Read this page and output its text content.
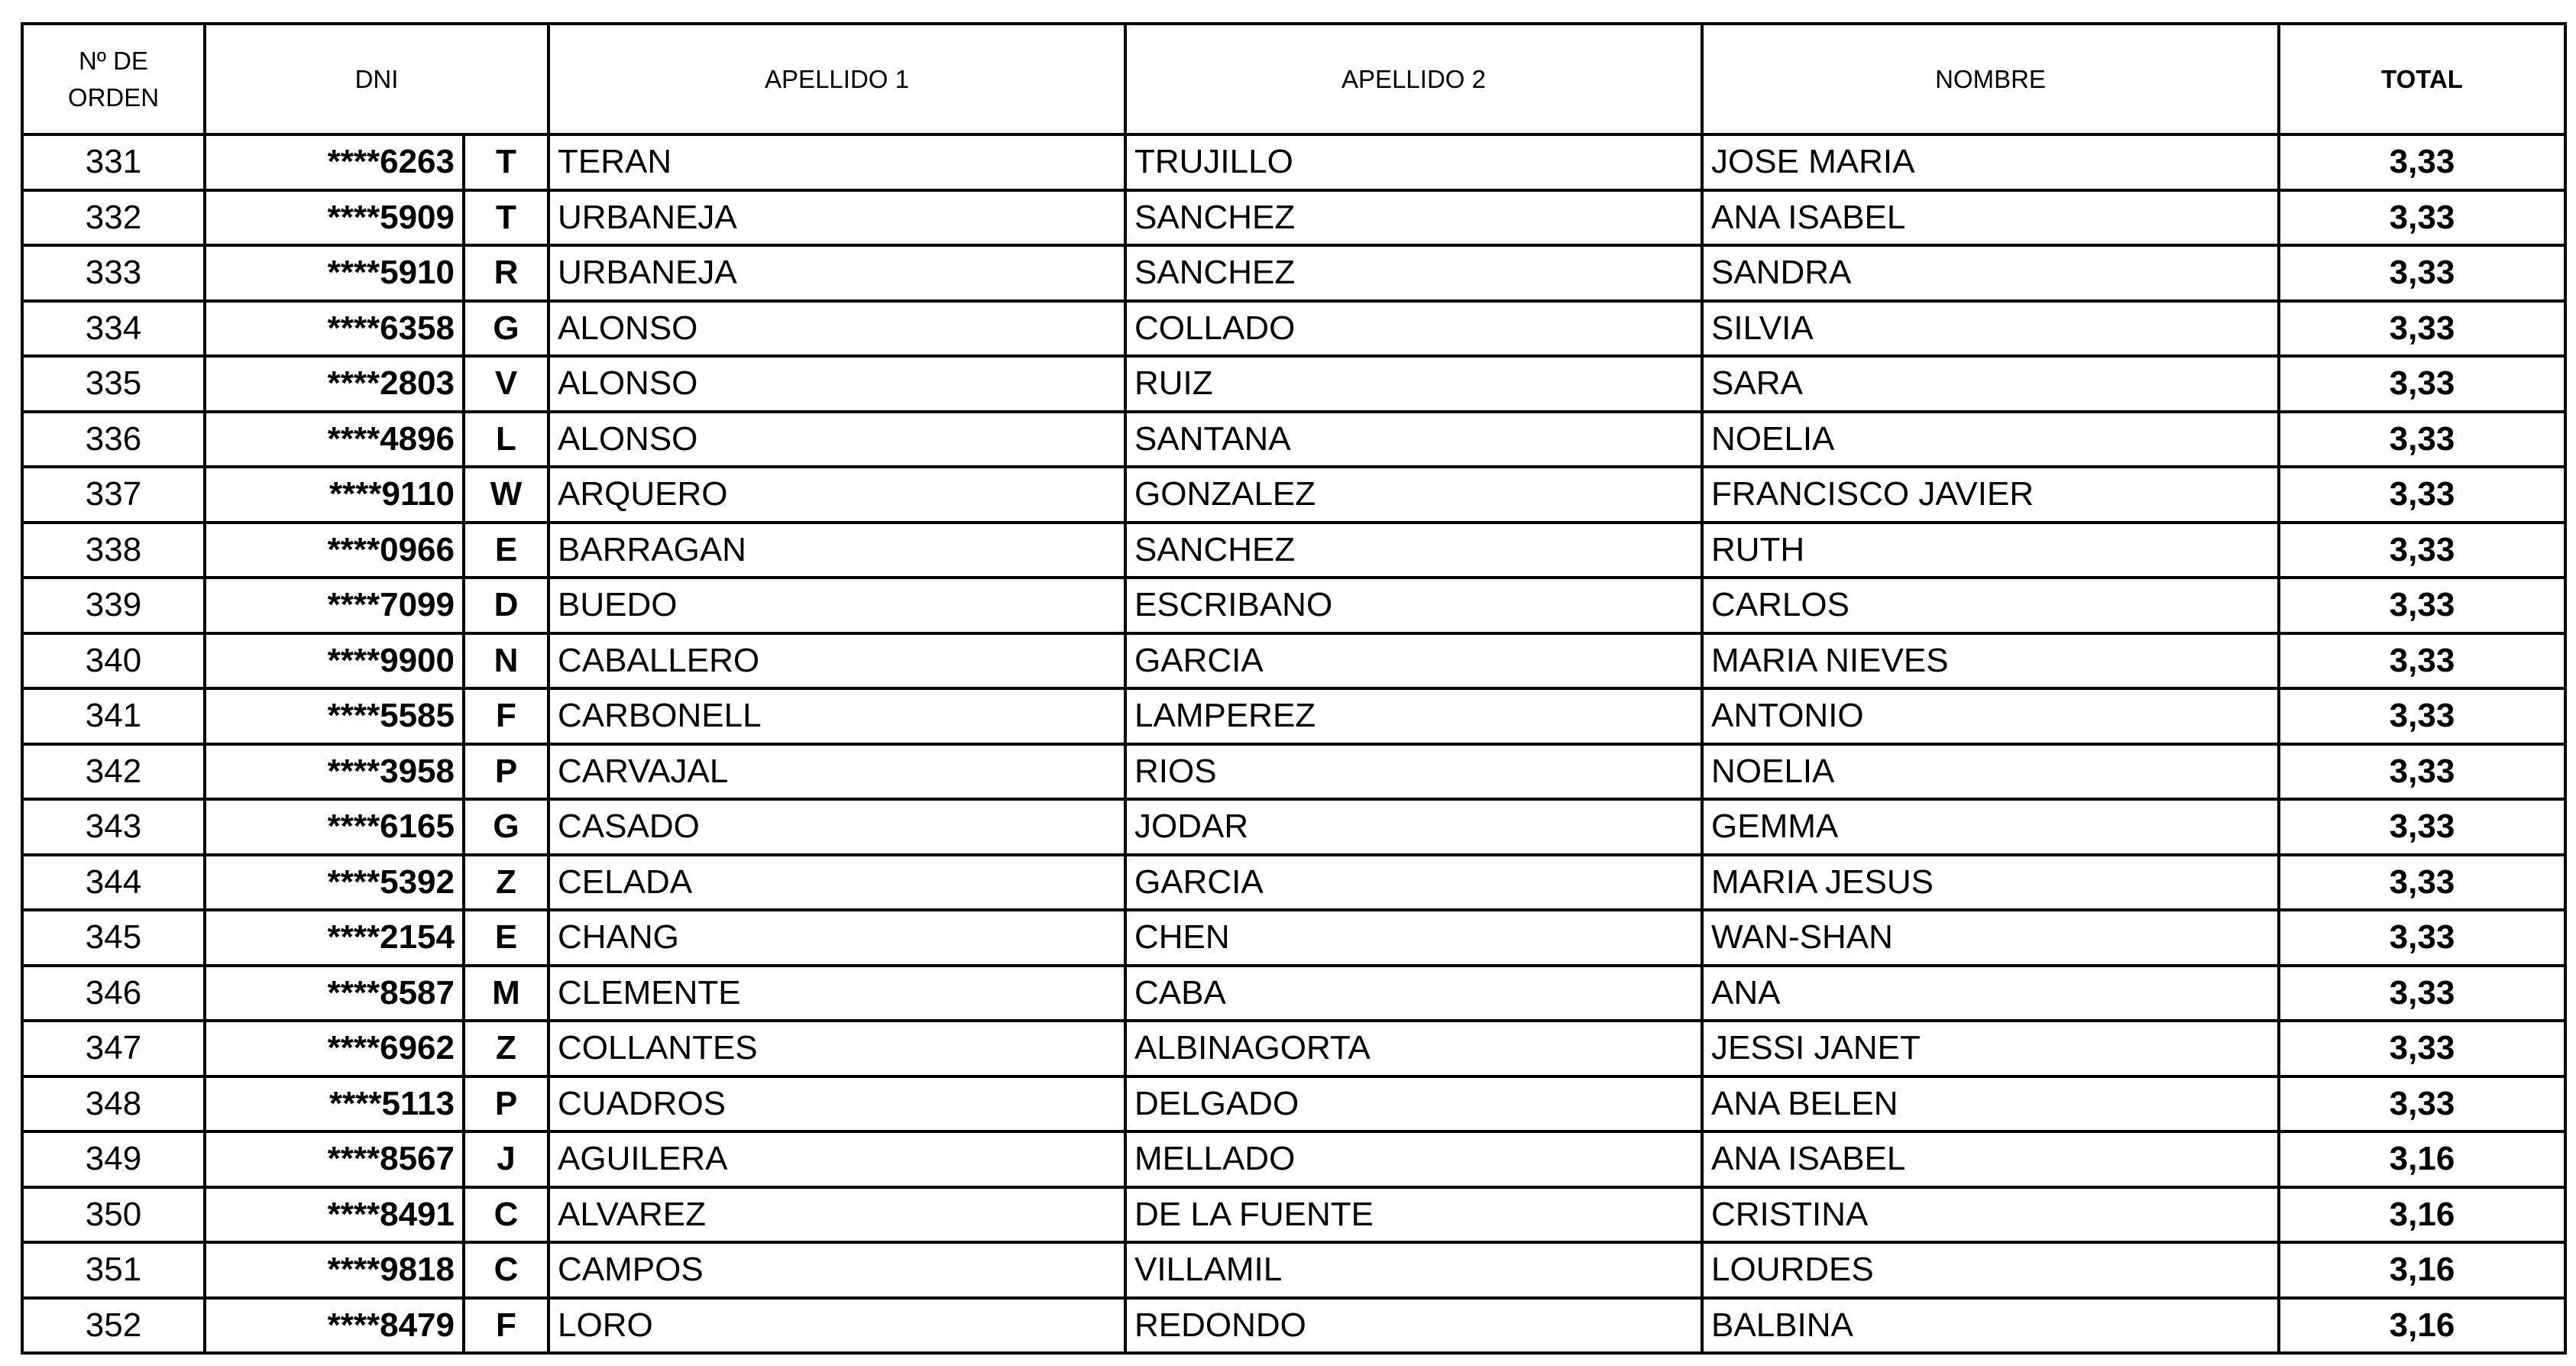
Nº DE
ORDEN	DNI		APELLIDO 1	APELLIDO 2	NOMBRE	TOTAL
331	****6263	T	TERAN	TRUJILLO	JOSE MARIA	3,33
332	****5909	T	URBANEJA	SANCHEZ	ANA ISABEL	3,33
333	****5910	R	URBANEJA	SANCHEZ	SANDRA	3,33
334	****6358	G	ALONSO	COLLADO	SILVIA	3,33
335	****2803	V	ALONSO	RUIZ	SARA	3,33
336	****4896	L	ALONSO	SANTANA	NOELIA	3,33
337	****9110	W	ARQUERO	GONZALEZ	FRANCISCO JAVIER	3,33
338	****0966	E	BARRAGAN	SANCHEZ	RUTH	3,33
339	****7099	D	BUEDO	ESCRIBANO	CARLOS	3,33
340	****9900	N	CABALLERO	GARCIA	MARIA NIEVES	3,33
341	****5585	F	CARBONELL	LAMPEREZ	ANTONIO	3,33
342	****3958	P	CARVAJAL	RIOS	NOELIA	3,33
343	****6165	G	CASADO	JODAR	GEMMA	3,33
344	****5392	Z	CELADA	GARCIA	MARIA JESUS	3,33
345	****2154	E	CHANG	CHEN	WAN-SHAN	3,33
346	****8587	M	CLEMENTE	CABA	ANA	3,33
347	****6962	Z	COLLANTES	ALBINAGORTA	JESSI JANET	3,33
348	****5113	P	CUADROS	DELGADO	ANA BELEN	3,33
349	****8567	J	AGUILERA	MELLADO	ANA ISABEL	3,16
350	****8491	C	ALVAREZ	DE LA FUENTE	CRISTINA	3,16
351	****9818	C	CAMPOS	VILLAMIL	LOURDES	3,16
352	****8479	F	LORO	REDONDO	BALBINA	3,16
